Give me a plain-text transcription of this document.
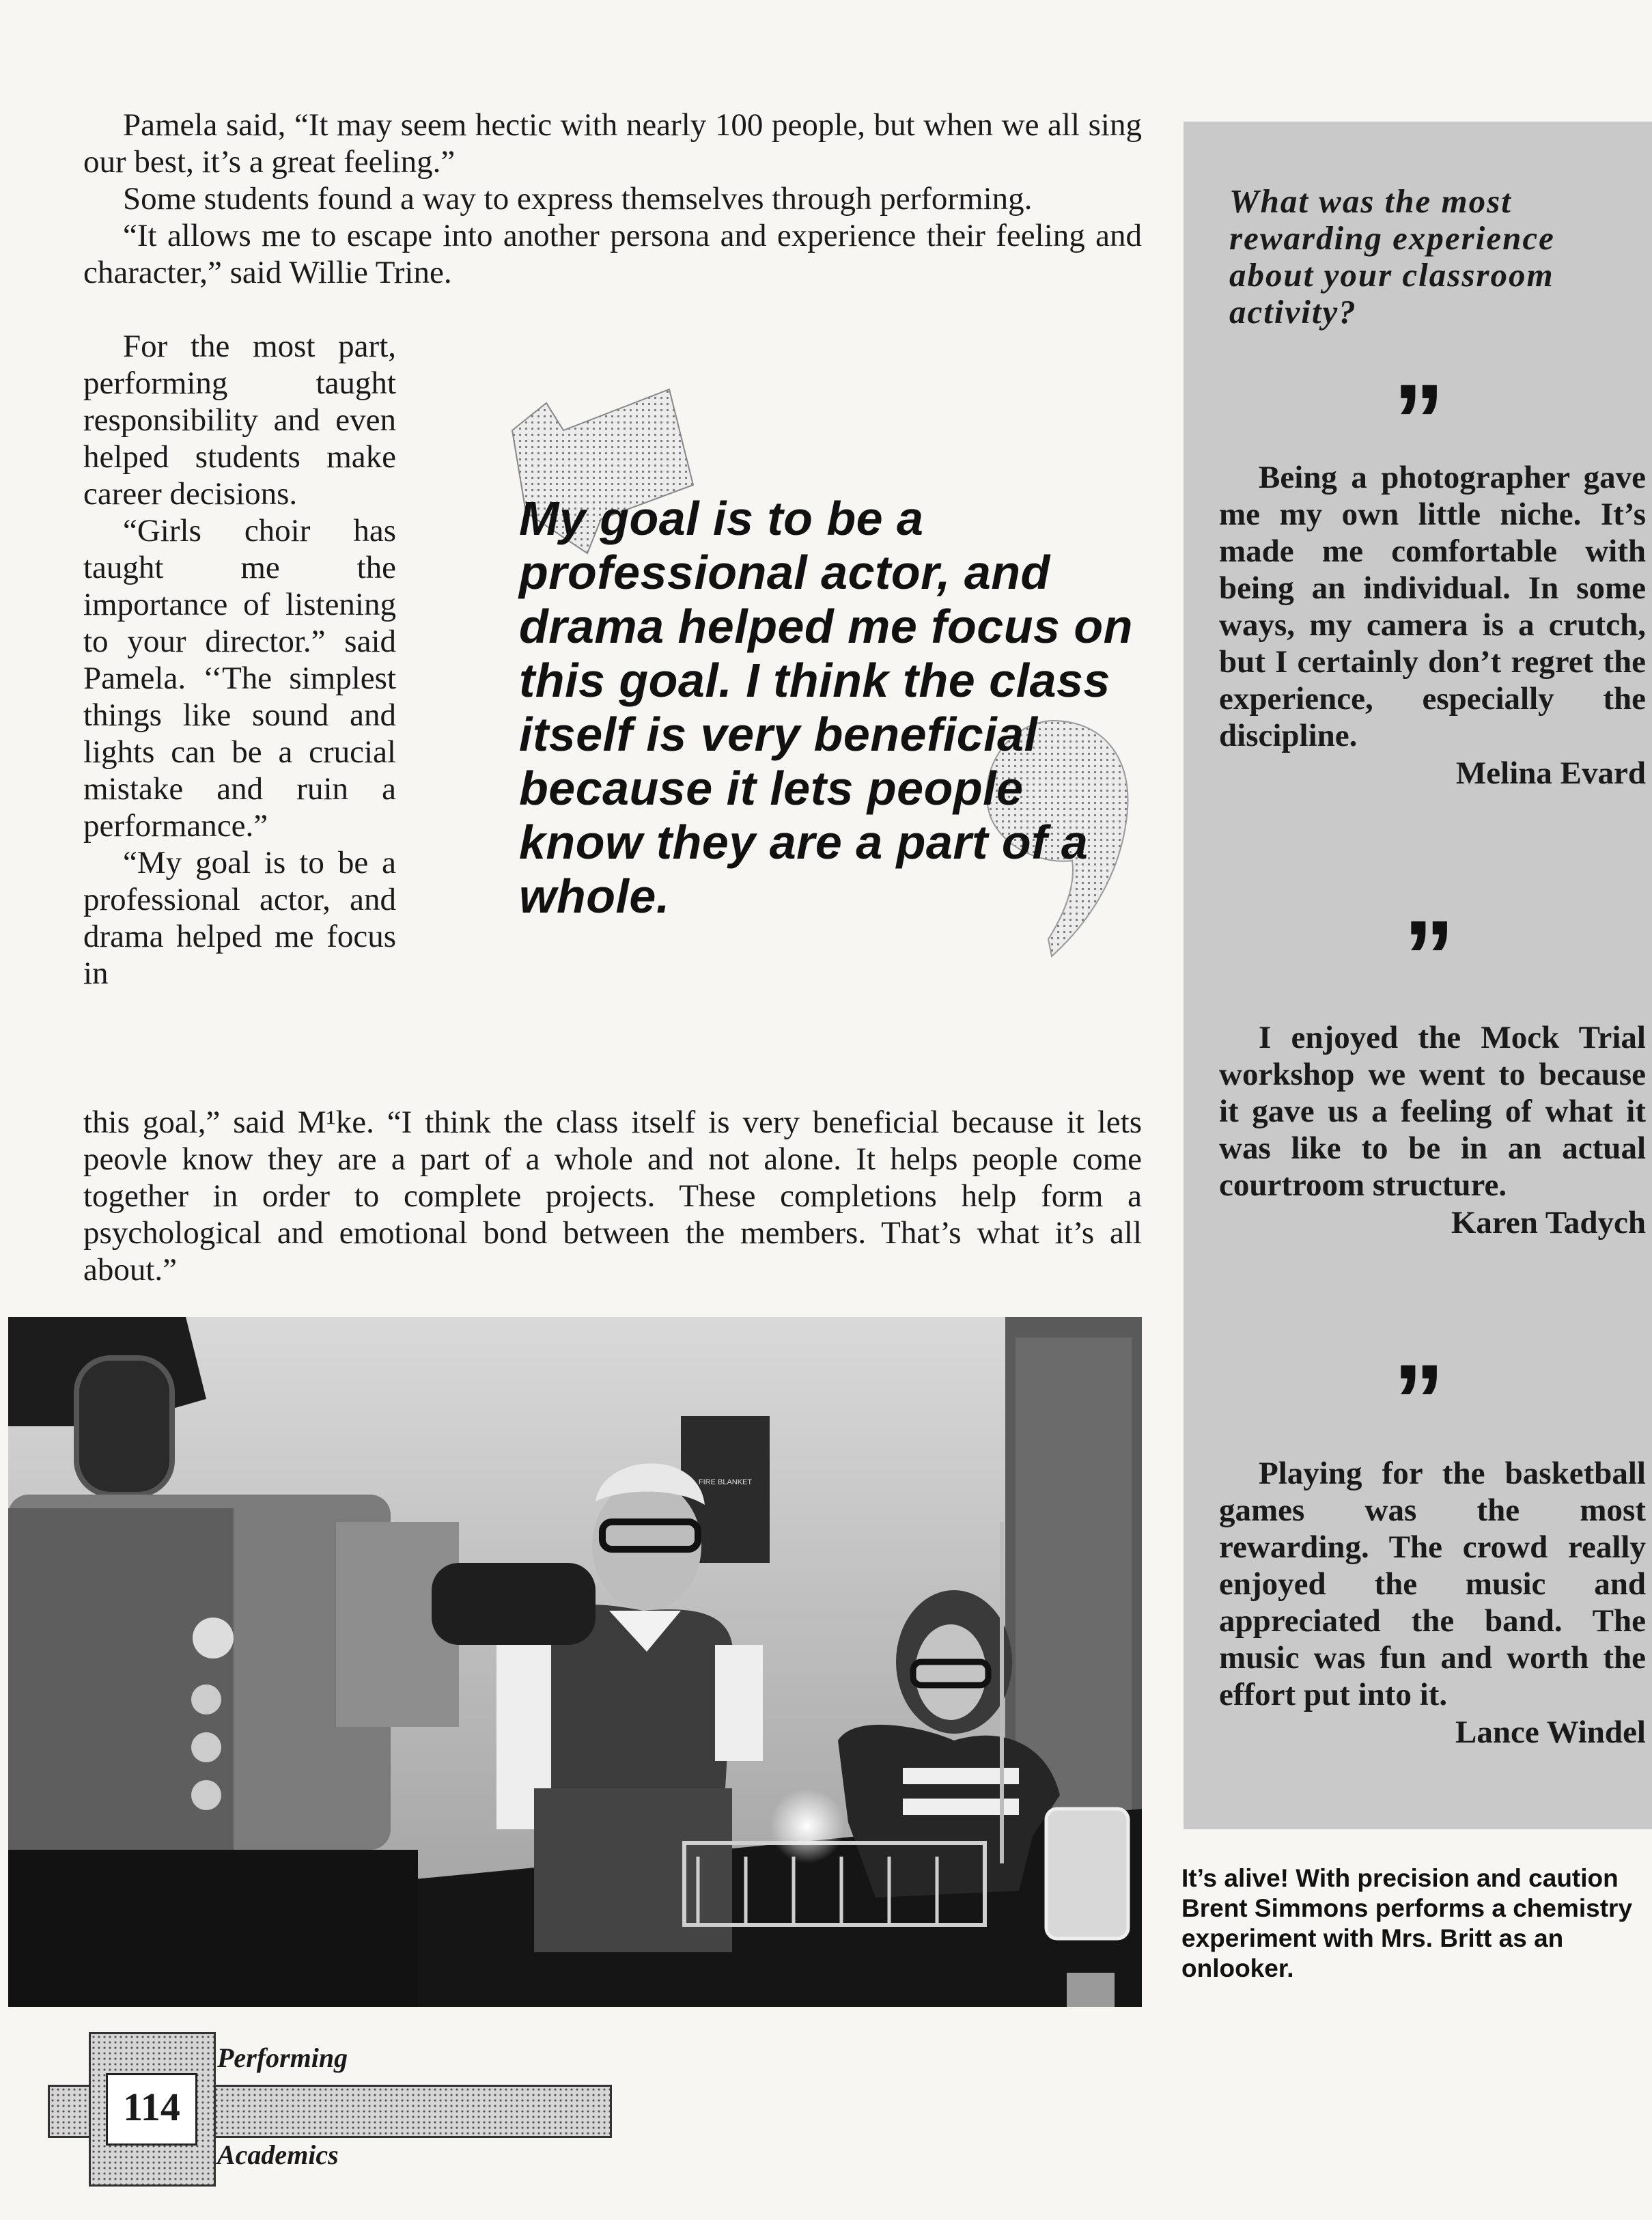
Pamela said, “It may seem hectic with nearly 100 people, but when we all sing our best, it’s a great feeling.”

Some students found a way to express themselves through performing.

“It allows me to escape into another persona and experience their feeling and character,” said Willie Trine.

For the most part, performing taught responsibility and even helped students make career decisions.

“Girls choir has taught me the importance of listening to your director.” said Pamela. ‘‘The simplest things like sound and lights can be a crucial mistake and ruin a performance.”

“My goal is to be a professional actor, and drama helped me focus in

this goal,” said M¹ke. “I think the class itself is very beneficial because it lets peoνle know they are a part of a whole and not alone. It helps people come together in order to complete projects. These completions help form a psychological and emotional bond between the members. That’s what it’s all about.”

My goal is to be a professional actor, and drama helped me focus on this goal. I think the class itself is very beneficial because it lets people know they are a part of a whole.
What was the most rewarding experience about your classroom activity?
”

Being a photographer gave me my own little niche. It’s made me comfortable with being an individual. In some ways, my camera is a crutch, but I certainly don’t regret the experience, especially the discipline.

Melina Evard
”

I enjoyed the Mock Trial workshop we went to because it gave us a feeling of what it was like to be in an actual courtroom structure.

Karen Tadych
”

Playing for the basketball games was the most rewarding. The crowd really enjoyed the music and appreciated the band. The music was fun and worth the effort put into it.

Lance Windel
It’s alive! With precision and caution Brent Simmons performs a chemistry experiment with Mrs. Britt as an onlooker.
FIRE BLANKET
114
Performing
Academics
